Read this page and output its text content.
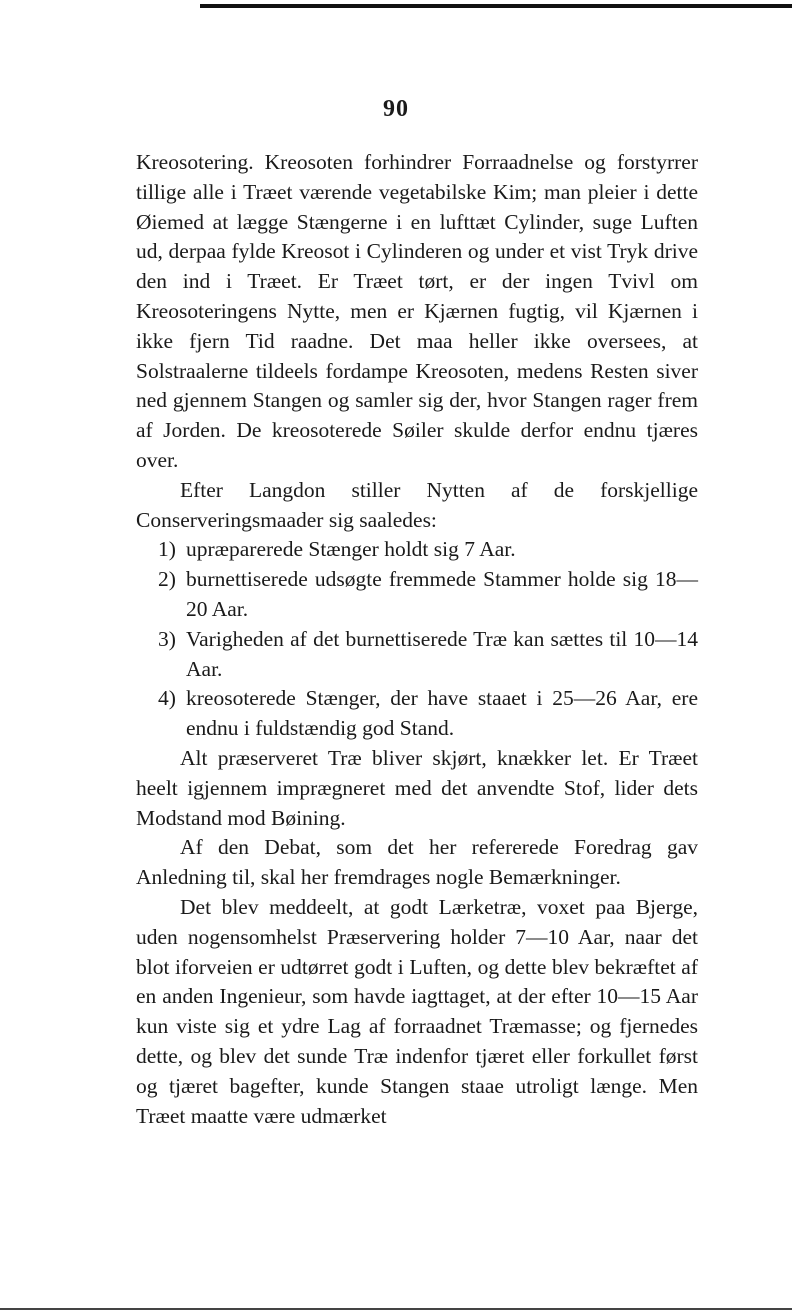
90

Kreosotering. Kreosoten forhindrer Forraadnelse og forstyrrer tillige alle i Træet værende vegetabilske Kim; man pleier i dette Øiemed at lægge Stængerne i en lufttæt Cylinder, suge Luften ud, derpaa fylde Kreosot i Cylinderen og under et vist Tryk drive den ind i Træet. Er Træet tørt, er der ingen Tvivl om Kreosoteringens Nytte, men er Kjærnen fugtig, vil Kjærnen i ikke fjern Tid raadne. Det maa heller ikke oversees, at Solstraalerne tildeels fordampe Kreosoten, medens Resten siver ned gjennem Stangen og samler sig der, hvor Stangen rager frem af Jorden. De kreosoterede Søiler skulde derfor endnu tjæres over.

Efter Langdon stiller Nytten af de forskjellige Conserveringsmaader sig saaledes:

1) upræparerede Stænger holdt sig 7 Aar.
2) burnettiserede udsøgte fremmede Stammer holde sig 18—20 Aar.
3) Varigheden af det burnettiserede Træ kan sættes til 10—14 Aar.
4) kreosoterede Stænger, der have staaet i 25—26 Aar, ere endnu i fuldstændig god Stand.

Alt præserveret Træ bliver skjørt, knækker let. Er Træet heelt igjennem imprægneret med det anvendte Stof, lider dets Modstand mod Bøining.

Af den Debat, som det her refererede Foredrag gav Anledning til, skal her fremdrages nogle Bemærkninger.

Det blev meddeelt, at godt Lærketræ, voxet paa Bjerge, uden nogensomhelst Præservering holder 7—10 Aar, naar det blot iforveien er udtørret godt i Luften, og dette blev bekræftet af en anden Ingenieur, som havde iagttaget, at der efter 10—15 Aar kun viste sig et ydre Lag af forraadnet Træmasse; og fjernedes dette, og blev det sunde Træ indenfor tjæret eller forkullet først og tjæret bagefter, kunde Stangen staae utroligt længe. Men Træet maatte være udmærket
